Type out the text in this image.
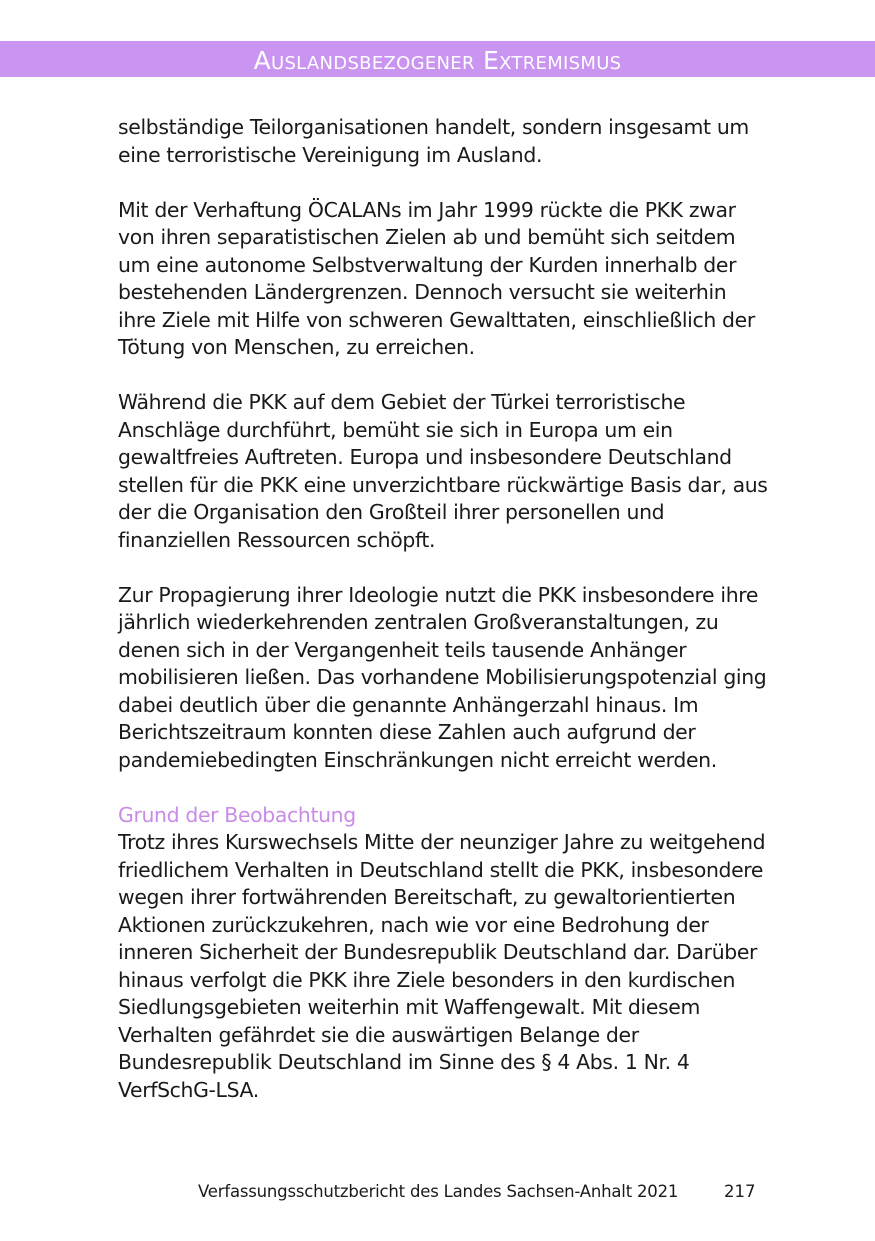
Auslandsbezogener Extremismus

selbständige Teilorganisationen handelt, sondern insgesamt um eine terroristische Vereinigung im Ausland.

Mit der Verhaftung ÖCALANs im Jahr 1999 rückte die PKK zwar von ihren separatistischen Zielen ab und bemüht sich seitdem um eine autonome Selbstverwaltung der Kurden innerhalb der bestehenden Ländergrenzen. Dennoch versucht sie weiterhin ihre Ziele mit Hilfe von schweren Gewalttaten, einschließlich der Tötung von Menschen, zu erreichen.

Während die PKK auf dem Gebiet der Türkei terroristische Anschläge durchführt, bemüht sie sich in Europa um ein gewaltfreies Auftreten. Europa und insbesondere Deutschland stellen für die PKK eine unverzichtbare rückwärtige Basis dar, aus der die Organisation den Großteil ihrer personellen und finanziellen Ressourcen schöpft.

Zur Propagierung ihrer Ideologie nutzt die PKK insbesondere ihre jährlich wiederkehrenden zentralen Großveranstaltungen, zu denen sich in der Vergangenheit teils tausende Anhänger mobilisieren ließen. Das vorhandene Mobilisierungspotenzial ging dabei deutlich über die genannte Anhängerzahl hinaus. Im Berichtszeitraum konnten diese Zahlen auch aufgrund der pandemiebedingten Einschränkungen nicht erreicht werden.

Grund der Beobachtung
Trotz ihres Kurswechsels Mitte der neunziger Jahre zu weitgehend friedlichem Verhalten in Deutschland stellt die PKK, insbesondere wegen ihrer fortwährenden Bereitschaft, zu gewaltorientierten Aktionen zurückzukehren, nach wie vor eine Bedrohung der inneren Sicherheit der Bundesrepublik Deutschland dar. Darüber hinaus verfolgt die PKK ihre Ziele besonders in den kurdischen Siedlungsgebieten weiterhin mit Waffengewalt. Mit diesem Verhalten gefährdet sie die auswärtigen Belange der Bundesrepublik Deutschland im Sinne des § 4 Abs. 1 Nr. 4 VerfSchG-LSA.
Verfassungsschutzbericht des Landes Sachsen-Anhalt 2021	217
